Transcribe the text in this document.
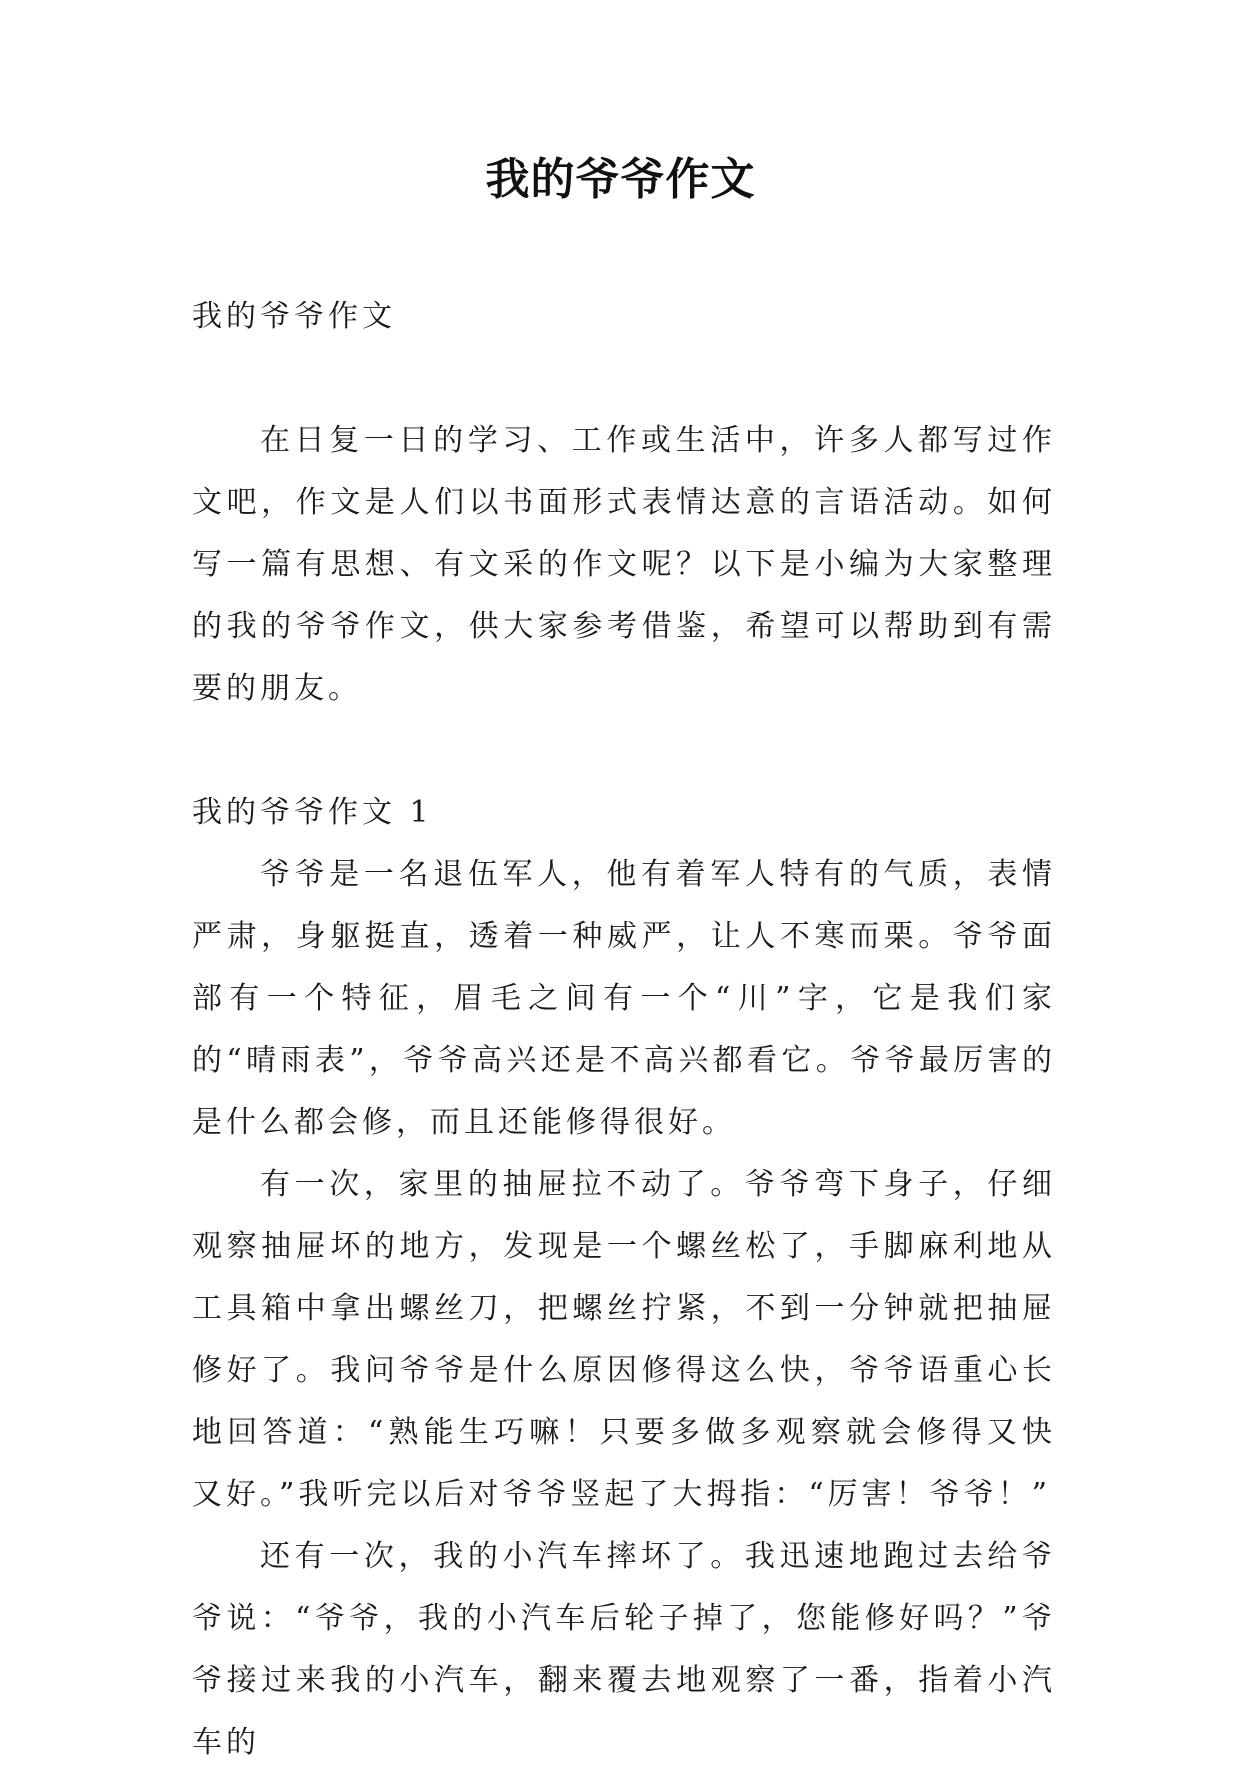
我的爷爷作文

我的爷爷作文

在日复一日的学习、工作或生活中，许多人都写过作文吧，作文是人们以书面形式表情达意的言语活动。如何写一篇有思想、有文采的作文呢？以下是小编为大家整理的我的爷爷作文，供大家参考借鉴，希望可以帮助到有需要的朋友。

我的爷爷作文 1

爷爷是一名退伍军人，他有着军人特有的气质，表情严肃，身躯挺直，透着一种威严，让人不寒而栗。爷爷面部有一个特征，眉毛之间有一个“川”字，它是我们家的“晴雨表”，爷爷高兴还是不高兴都看它。爷爷最厉害的是什么都会修，而且还能修得很好。

有一次，家里的抽屉拉不动了。爷爷弯下身子，仔细观察抽屉坏的地方，发现是一个螺丝松了，手脚麻利地从工具箱中拿出螺丝刀，把螺丝拧紧，不到一分钟就把抽屉修好了。我问爷爷是什么原因修得这么快，爷爷语重心长地回答道：“熟能生巧嘛！只要多做多观察就会修得又快又好。”我听完以后对爷爷竖起了大拇指：“厉害！爷爷！”

还有一次，我的小汽车摔坏了。我迅速地跑过去给爷爷说：“爷爷，我的小汽车后轮子掉了，您能修好吗？”爷爷接过来我的小汽车，翻来覆去地观察了一番，指着小汽车的
